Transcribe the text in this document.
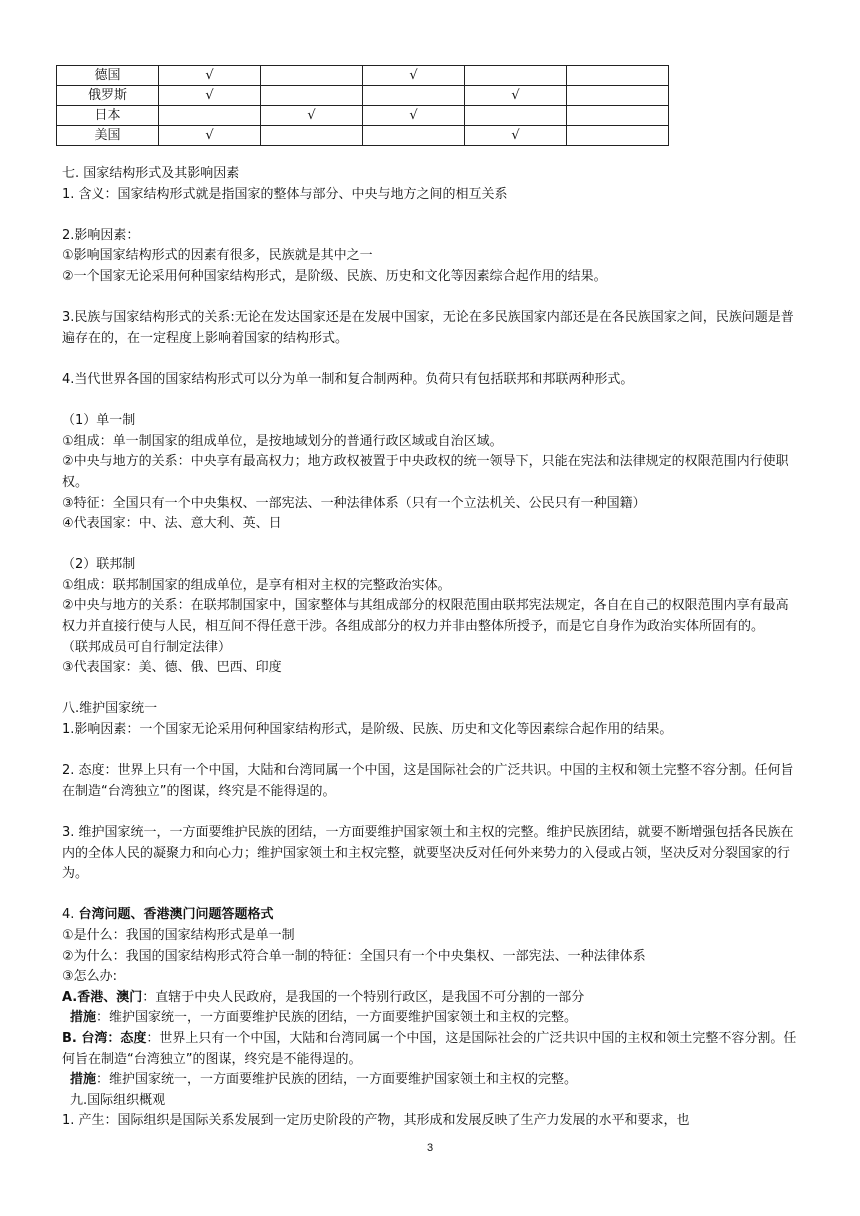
德国	√		√		
俄罗斯	√			√	
日本		√	√		
美国	√			√	

七. 国家结构形式及其影响因素

1. 含义：国家结构形式就是指国家的整体与部分、中央与地方之间的相互关系

2.影响因素：

①影响国家结构形式的因素有很多，民族就是其中之一

②一个国家无论采用何种国家结构形式，是阶级、民族、历史和文化等因素综合起作用的结果。

3.民族与国家结构形式的关系:无论在发达国家还是在发展中国家，无论在多民族国家内部还是在各民族国家之间，民族问题是普遍存在的，在一定程度上影响着国家的结构形式。

4.当代世界各国的国家结构形式可以分为单一制和复合制两种。负荷只有包括联邦和邦联两种形式。

（1）单一制

①组成：单一制国家的组成单位，是按地域划分的普通行政区域或自治区域。

②中央与地方的关系：中央享有最高权力；地方政权被置于中央政权的统一领导下，只能在宪法和法律规定的权限范围内行使职权。

③特征：全国只有一个中央集权、一部宪法、一种法律体系（只有一个立法机关、公民只有一种国籍）

④代表国家：中、法、意大利、英、日

（2）联邦制

①组成：联邦制国家的组成单位，是享有相对主权的完整政治实体。

②中央与地方的关系：在联邦制国家中，国家整体与其组成部分的权限范围由联邦宪法规定，各自在自己的权限范围内享有最高权力并直接行使与人民，相互间不得任意干涉。各组成部分的权力并非由整体所授予，而是它自身作为政治实体所固有的。

（联邦成员可自行制定法律）

③代表国家：美、德、俄、巴西、印度

八.维护国家统一

1.影响因素：一个国家无论采用何种国家结构形式，是阶级、民族、历史和文化等因素综合起作用的结果。

2. 态度：世界上只有一个中国，大陆和台湾同属一个中国，这是国际社会的广泛共识。中国的主权和领土完整不容分割。任何旨在制造“台湾独立”的图谋，终究是不能得逞的。

3. 维护国家统一，一方面要维护民族的团结，一方面要维护国家领土和主权的完整。维护民族团结，就要不断增强包括各民族在内的全体人民的凝聚力和向心力；维护国家领土和主权完整，就要坚决反对任何外来势力的入侵或占领，坚决反对分裂国家的行为。

4. 台湾问题、香港澳门问题答题格式

①是什么：我国的国家结构形式是单一制

②为什么：我国的国家结构形式符合单一制的特征：全国只有一个中央集权、一部宪法、一种法律体系

③怎么办:

A.香港、澳门：直辖于中央人民政府，是我国的一个特别行政区，是我国不可分割的一部分

措施：维护国家统一，一方面要维护民族的团结，一方面要维护国家领土和主权的完整。

B. 台湾：态度：世界上只有一个中国，大陆和台湾同属一个中国，这是国际社会的广泛共识中国的主权和领土完整不容分割。任何旨在制造“台湾独立”的图谋，终究是不能得逞的。

措施：维护国家统一，一方面要维护民族的团结，一方面要维护国家领土和主权的完整。

九.国际组织概观

1. 产生：国际组织是国际关系发展到一定历史阶段的产物，其形成和发展反映了生产力发展的水平和要求，也

3
